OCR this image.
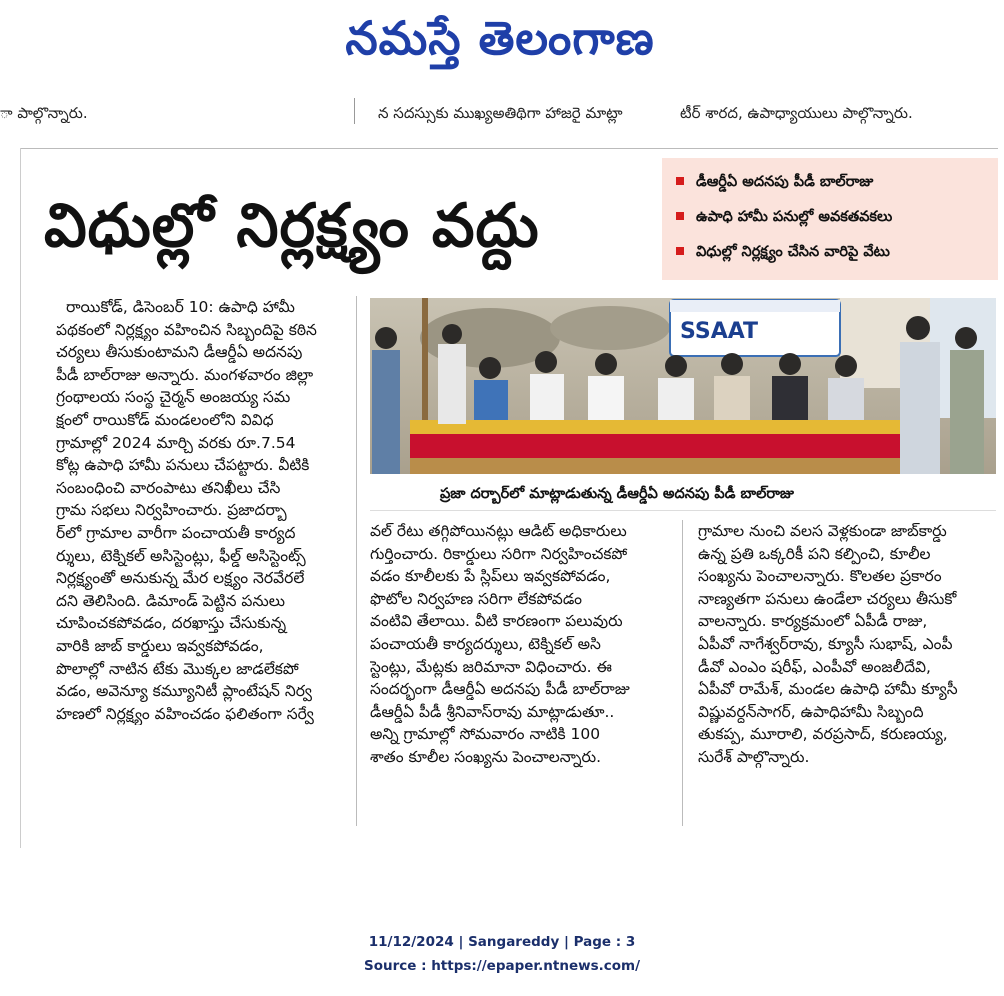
నమస్తే తెలంగాణ
ా పాల్గొన్నారు.	న సదస్సుకు ముఖ్యఅతిథిగా హాజరై మాట్లా	టీర్ శారద, ఉపాధ్యాయులు పాల్గొన్నారు.
విధుల్లో నిర్లక్ష్యం వద్దు
డీఆర్డీఏ అదనపు పీడీ బాల్‌రాజు
ఉపాధి హామీ పనుల్లో అవకతవకలు
విధుల్లో నిర్లక్ష్యం చేసిన వారిపై వేటు
SSAAT
ప్రజా దర్బార్‌లో మాట్లాడుతున్న డీఆర్డీఏ అదనపు పీడీ బాల్‌రాజు

రాయికోడ్, డిసెంబర్ 10: ఉపాధి హామీ

పథకంలో నిర్లక్ష్యం వహించిన సిబ్బందిపై కఠిన

చర్యలు తీసుకుంటామని డీఆర్డీఏ అదనపు

పీడీ బాల్‌రాజు అన్నారు. మంగళవారం జిల్లా

గ్రంథాలయ సంస్థ చైర్మన్ అంజయ్య సమ

క్షంలో రాయికోడ్ మండలంలోని వివిధ

గ్రామాల్లో 2024 మార్చి వరకు రూ.7.54

కోట్ల ఉపాధి హామీ పనులు చేపట్టారు. వీటికి

సంబంధించి వారంపాటు తనిఖీలు చేసి

గ్రామ సభలు నిర్వహించారు. ప్రజాదర్బా

ర్‌లో గ్రామాల వారీగా పంచాయతీ కార్యద

ర్శులు, టెక్నికల్ అసిస్టెంట్లు, ఫీల్డ్ అసిస్టెంట్స్

నిర్లక్ష్యంతో అనుకున్న మేర లక్ష్యం నెరవేరలే

దని తెలిసింది. డిమాండ్ పెట్టిన పనులు

చూపించకపోవడం, దరఖాస్తు చేసుకున్న

వారికి జాబ్ కార్డులు ఇవ్వకపోవడం,

పొలాల్లో నాటిన టేకు మొక్కల జాడలేకపో

వడం, అవెన్యూ కమ్యూనిటీ ప్లాంటేషన్ నిర్వ

హణలో నిర్లక్ష్యం వహించడం ఫలితంగా సర్వే

వల్ రేటు తగ్గిపోయినట్లు ఆడిట్ అధికారులు

గుర్తించారు. రికార్డులు సరిగా నిర్వహించకపో

వడం కూలీలకు పే స్లిప్‌లు ఇవ్వకపోవడం,

ఫొటోల నిర్వహణ సరిగా లేకపోవడం

వంటివి తేలాయి. వీటి కారణంగా పలువురు

పంచాయతీ కార్యదర్శులు, టెక్నికల్ అసి

స్టెంట్లు, మేట్లకు జరిమానా విధించారు. ఈ

సందర్భంగా డీఆర్డీఏ అదనపు పీడీ బాల్‌రాజు

డీఆర్డీఏ పీడీ శ్రీనివాస్‌రావు మాట్లాడుతూ..

అన్ని గ్రామాల్లో సోమవారం నాటికి 100

శాతం కూలీల సంఖ్యను పెంచాలన్నారు.

గ్రామాల నుంచి వలస వెళ్లకుండా జాబ్‌కార్డు

ఉన్న ప్రతి ఒక్కరికీ పని కల్పించి, కూలీల

సంఖ్యను పెంచాలన్నారు. కొలతల ప్రకారం

నాణ్యతగా పనులు ఉండేలా చర్యలు తీసుకో

వాలన్నారు. కార్యక్రమంలో ఏపీడీ రాజు,

ఏపీవో నాగేశ్వర్‌రావు, క్యూసీ సుభాష్, ఎంపీ

డీవో ఎంఎం షరీఫ్, ఎంపీవో అంజలీదేవి,

ఏపీవో రామేశ్, మండల ఉపాధి హామీ క్యూసీ

విష్ణువర్ధన్‌సాగర్, ఉపాధిహామీ సిబ్బంది

తుకప్ప, మూరాలి, వరప్రసాద్, కరుణయ్య,

సురేశ్ పాల్గొన్నారు.

11/12/2024 | Sangareddy | Page : 3
Source : https://epaper.ntnews.com/
